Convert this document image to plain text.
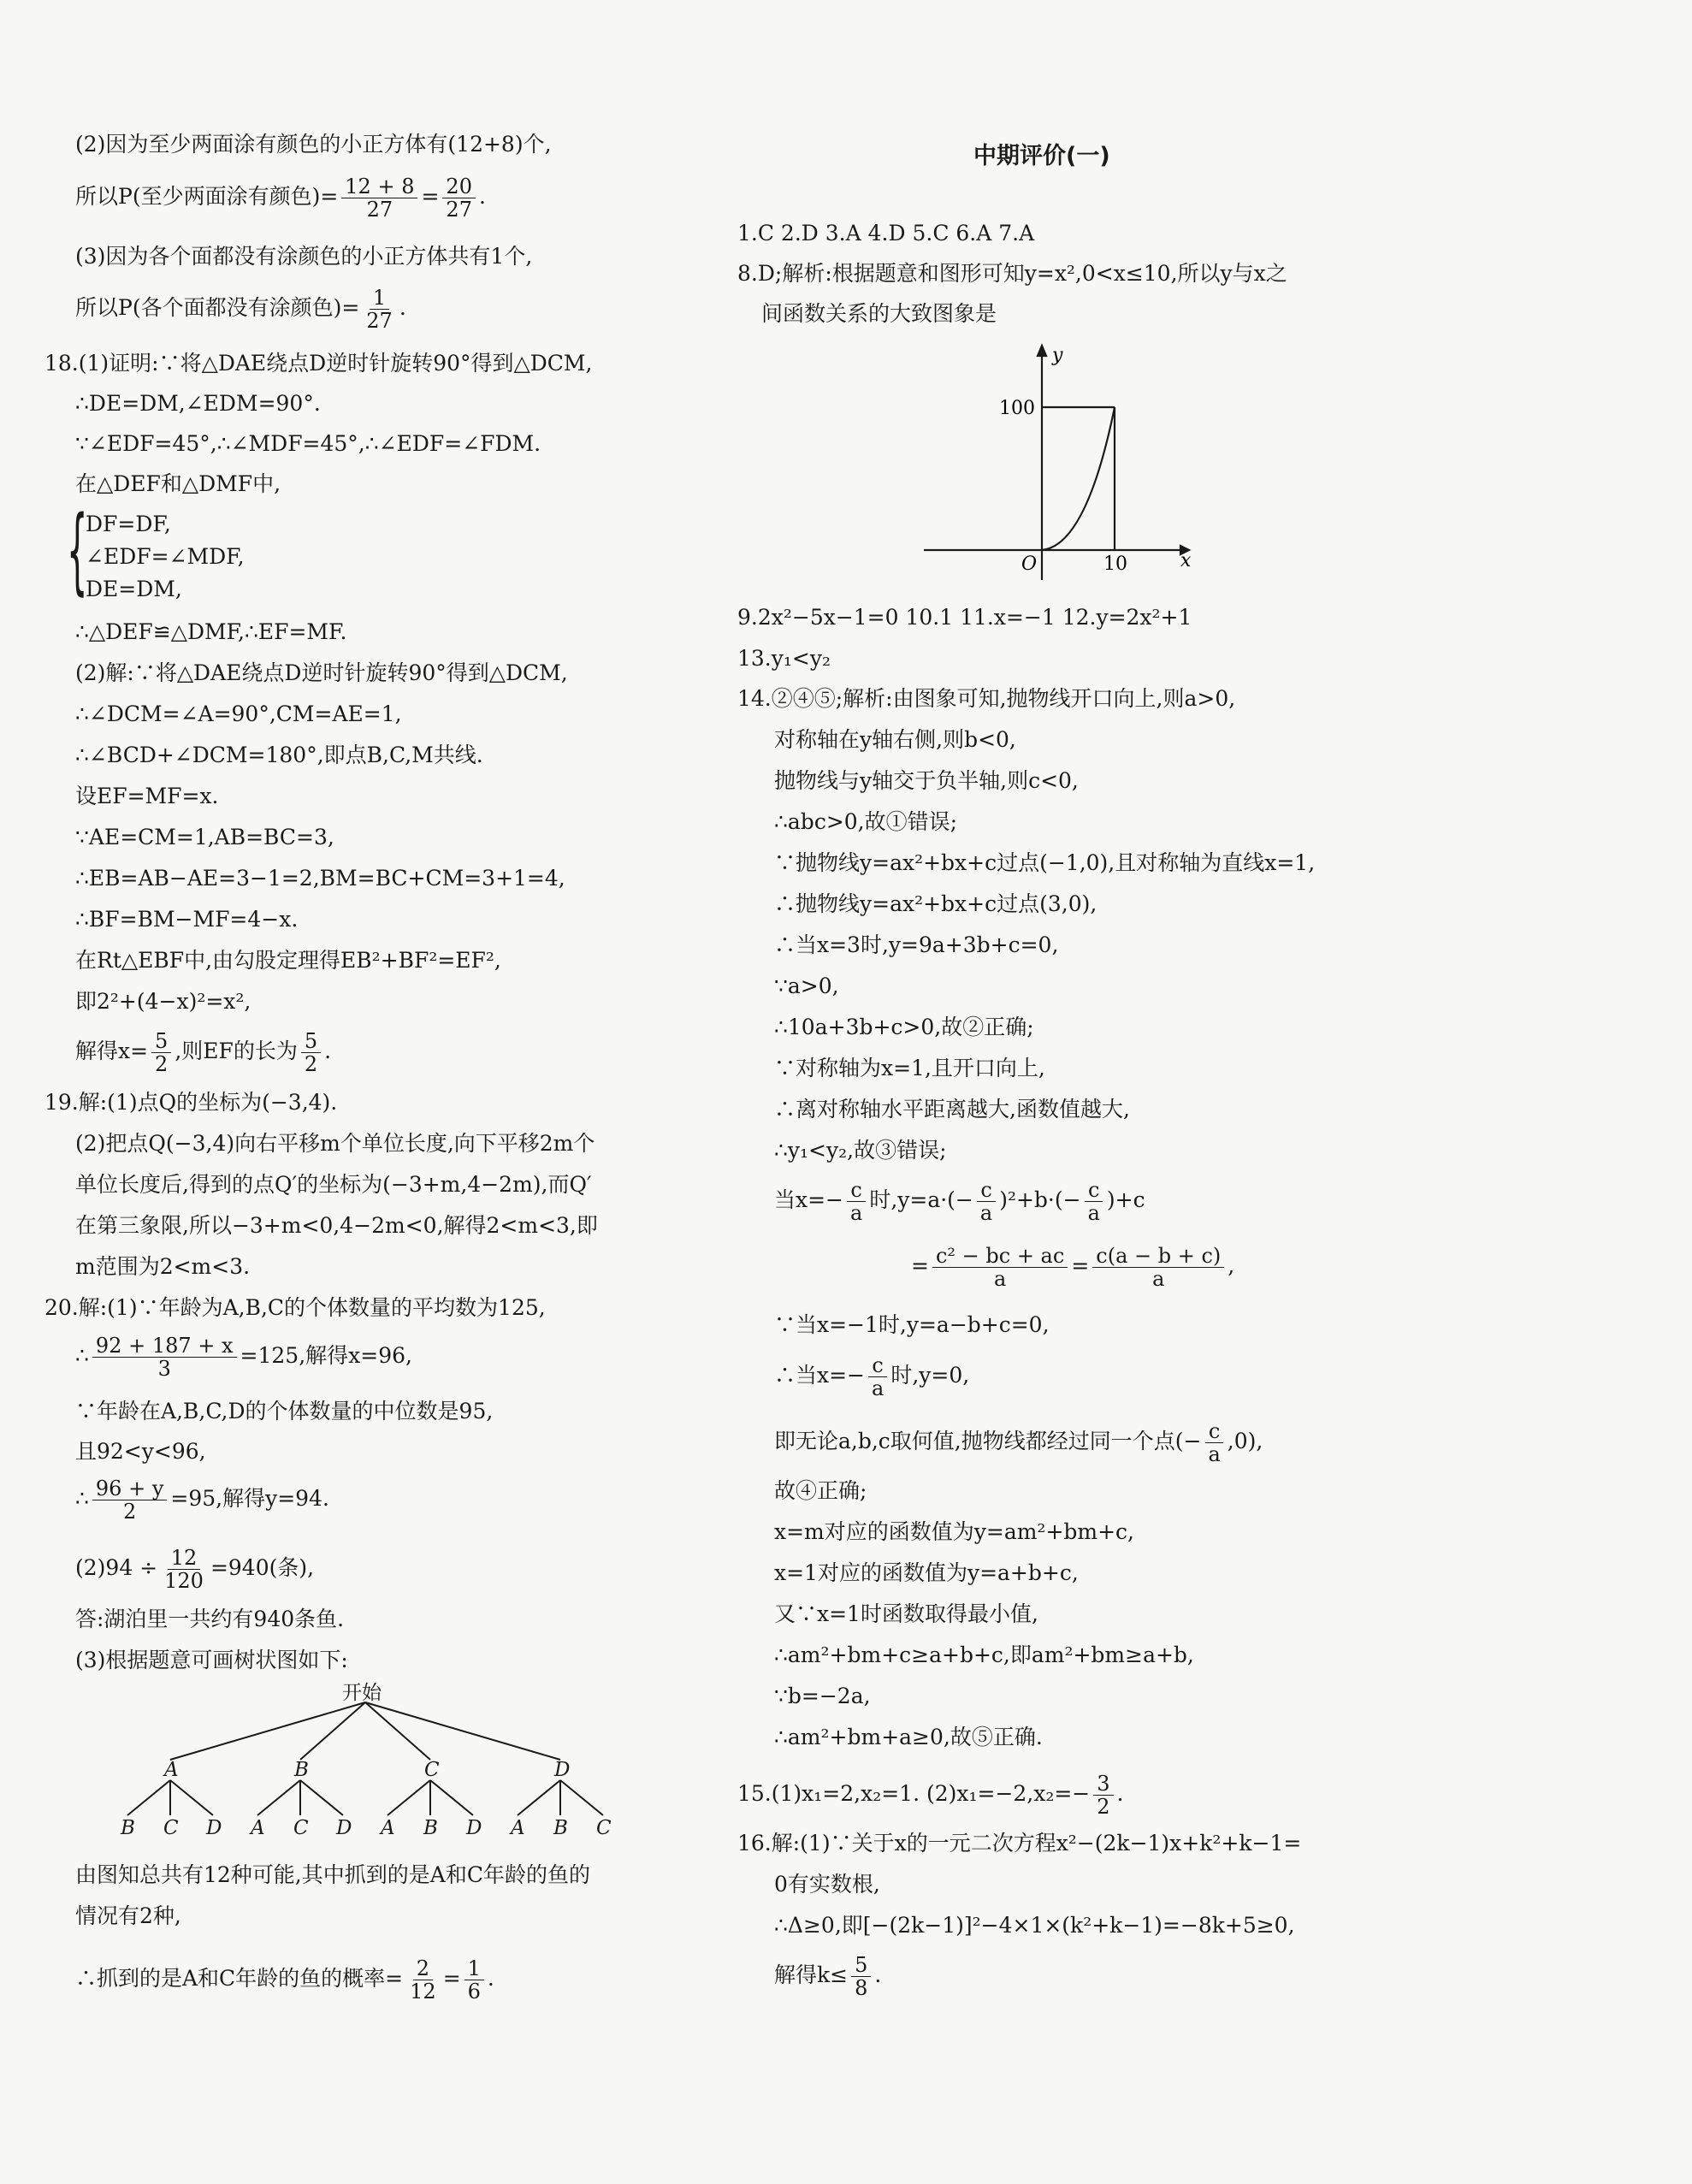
(2)因为至少两面涂有颜色的小正方体有(12+8)个,
所以P(至少两面涂有颜色)= $\frac{12 + 8}{27} = \frac{20}{27}$ .
(3)因为各个面都没有涂颜色的小正方体共有1个,
所以P(各个面都没有涂颜色)= $\frac{1}{27}$ .
18.(1)证明:∵将△DAE绕点D逆时针旋转90°得到△DCM,
∴DE=DM,∠EDM=90°.
∵∠EDF=45°,∴∠MDF=45°,∴∠EDF=∠FDM.
在△DEF和△DMF中,
{
DF=DF,
∠EDF=∠MDF,
DE=DM,
∴△DEF≌△DMF,∴EF=MF.
(2)解:∵将△DAE绕点D逆时针旋转90°得到△DCM,
∴∠DCM=∠A=90°,CM=AE=1,
∴∠BCD+∠DCM=180°,即点B,C,M共线.
设EF=MF=x.
∵AE=CM=1,AB=BC=3,
∴EB=AB−AE=3−1=2,BM=BC+CM=3+1=4,
∴BF=BM−MF=4−x.
在Rt△EBF中,由勾股定理得EB²+BF²=EF²,
即2²+(4−x)²=x²,
解得$x= \frac{5}{2}$ ,则EF的长为 $\frac{5}{2}$ .
19.解:(1)点Q的坐标为(−3,4).
(2)把点Q(−3,4)向右平移m个单位长度,向下平移2m个
单位长度后,得到的点Q′的坐标为(−3+m,4−2m),而Q′
在第三象限,所以−3+m<0,4−2m<0,解得2<m<3,即
m范围为2<m<3.
20.解:(1)∵年龄为A,B,C的个体数量的平均数为125,
∴ $\frac{92 + 187 + x}{3} =125$,解得x=96,
∵年龄在A,B,C,D的个体数量的中位数是95,
且92<y<96,
∴ $\frac{96 + y}{2} =95$,解得y=94.
$(2)94 \div \frac{12}{120} =940$(条),
答:湖泊里一共约有940条鱼.
(3)根据题意可画树状图如下:
开始
A	B	C	D
B C D A C D A B D A B C
由图知总共有12种可能,其中抓到的是A和C年龄的鱼的
情况有2种,
∴抓到的是A和C年龄的鱼的概率= $\frac{2}{12} = \frac{1}{6}$ .
中期评价(一)
1.C 2.D 3.A 4.D 5.C 6.A 7.A
8.D;解析:根据题意和图形可知y=x²,0<x≤10,所以y与x之
间函数关系的大致图象是
y
x
O
100
10
9.2x²−5x−1=0 10.1 11.x=−1 12.y=2x²+1
13.y₁<y₂
14.②④⑤;解析:由图象可知,抛物线开口向上,则a>0,
对称轴在y轴右侧,则b<0,
抛物线与y轴交于负半轴,则c<0,
∴abc>0,故①错误;
∵抛物线y=ax²+bx+c过点(−1,0),且对称轴为直线x=1,
∴抛物线y=ax²+bx+c过点(3,0),
∴当x=3时,y=9a+3b+c=0,
∵a>0,
∴10a+3b+c>0,故②正确;
∵对称轴为x=1,且开口向上,
∴离对称轴水平距离越大,函数值越大,
∴y₁<y₂,故③错误;
当$x=- \frac{c}{a}$ 时$,y=a\cdot(- \frac{c}{a} )^2+b\cdot(- \frac{c}{a} )+c$
= $\frac{\text{c² − bc + ac}}{a} = \frac{c(a - b + c)}{a}$ ,
∵当x=−1时,y=a−b+c=0,
∴当$x=- \frac{c}{a}$ 时,y=0,
即无论a,b,c取何值,抛物线都经过同一个点(− $\frac{c}{a} ,0$),
故④正确;
x=m对应的函数值为y=am²+bm+c,
x=1对应的函数值为y=a+b+c,
又∵x=1时函数取得最小值,
∴am²+bm+c≥a+b+c,即am²+bm≥a+b,
∵b=−2a,
∴am²+bm+a≥0,故⑤正确.
15.(1)x₁=2,x₂=1. $(2)x_1=-2,x_2=- \frac{3}{2}$ .
16.解:(1)∵关于x的一元二次方程x²−(2k−1)x+k²+k−1=
0有实数根,
∴Δ≥0,即[−(2k−1)]²−4×1×(k²+k−1)=−8k+5≥0,
解得$k\le \frac{5}{8}$ .
